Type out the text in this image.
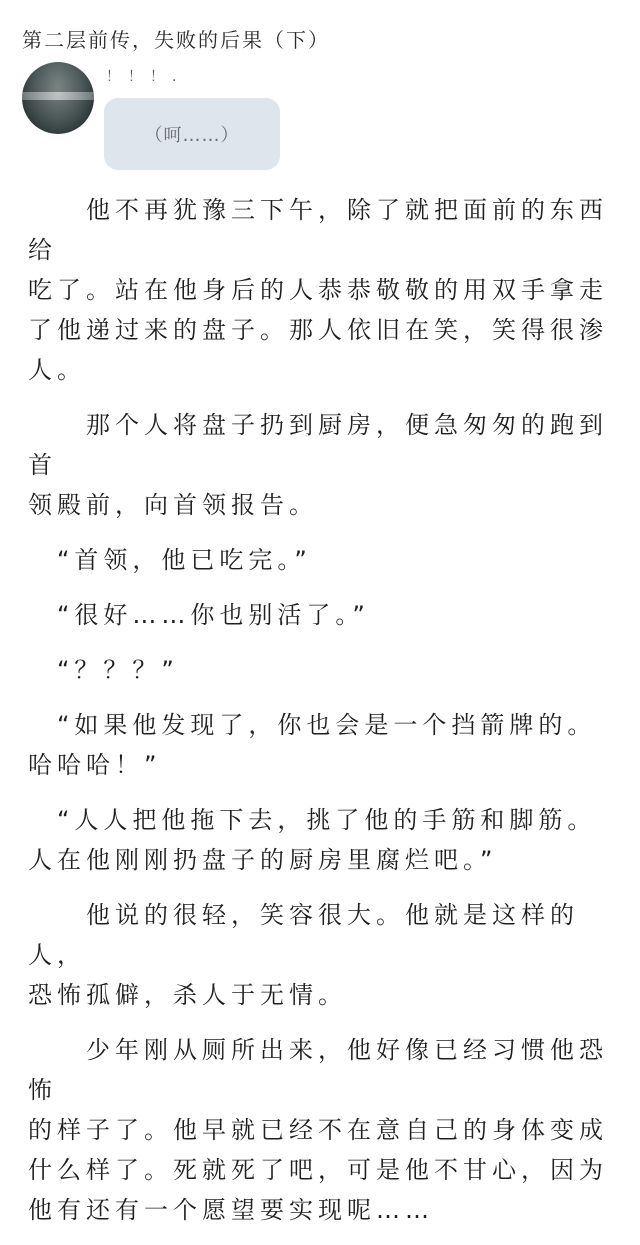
第二层前传，失败的后果（下）
！！！.
（呵……）

　　他不再犹豫三下午，除了就把面前的东西给
吃了。站在他身后的人恭恭敬敬的用双手拿走
了他递过来的盘子。那人依旧在笑，笑得很渗
人。

　　那个人将盘子扔到厨房，便急匆匆的跑到首
领殿前，向首领报告。

　“首领，他已吃完。”

　“很好……你也别活了。”

　“？？？”

　“如果他发现了，你也会是一个挡箭牌的。
哈哈哈！”

　“人人把他拖下去，挑了他的手筋和脚筋。
人在他刚刚扔盘子的厨房里腐烂吧。”

　　他说的很轻，笑容很大。他就是这样的人，
恐怖孤僻，杀人于无情。

　　少年刚从厕所出来，他好像已经习惯他恐怖
的样子了。他早就已经不在意自己的身体变成
什么样了。死就死了吧，可是他不甘心，因为
他有还有一个愿望要实现呢……
